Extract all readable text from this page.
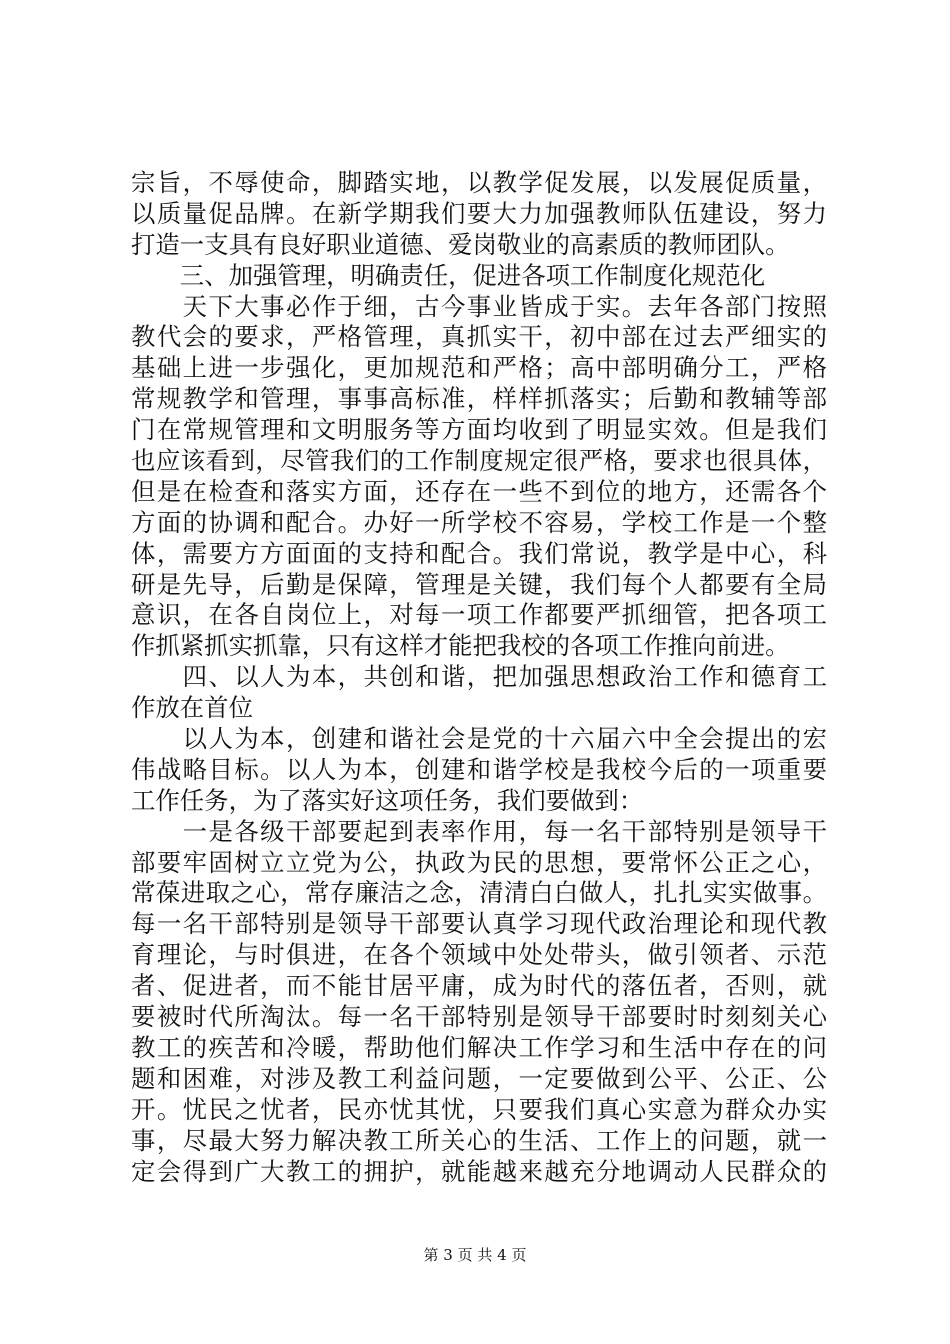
宗旨，不辱使命，脚踏实地，以教学促发展，以发展促质量，
以质量促品牌。在新学期我们要大力加强教师队伍建设，努力
打造一支具有良好职业道德、爱岗敬业的高素质的教师团队。
　　三、加强管理，明确责任，促进各项工作制度化规范化
　　天下大事必作于细，古今事业皆成于实。去年各部门按照
教代会的要求，严格管理，真抓实干，初中部在过去严细实的
基础上进一步强化，更加规范和严格；高中部明确分工，严格
常规教学和管理，事事高标准，样样抓落实；后勤和教辅等部
门在常规管理和文明服务等方面均收到了明显实效。但是我们
也应该看到，尽管我们的工作制度规定很严格，要求也很具体，
但是在检查和落实方面，还存在一些不到位的地方，还需各个
方面的协调和配合。办好一所学校不容易，学校工作是一个整
体，需要方方面面的支持和配合。我们常说，教学是中心，科
研是先导，后勤是保障，管理是关键，我们每个人都要有全局
意识，在各自岗位上，对每一项工作都要严抓细管，把各项工
作抓紧抓实抓靠，只有这样才能把我校的各项工作推向前进。
　　四、以人为本，共创和谐，把加强思想政治工作和德育工
作放在首位
　　以人为本，创建和谐社会是党的十六届六中全会提出的宏
伟战略目标。以人为本，创建和谐学校是我校今后的一项重要
工作任务，为了落实好这项任务，我们要做到：
　　一是各级干部要起到表率作用，每一名干部特别是领导干
部要牢固树立立党为公，执政为民的思想，要常怀公正之心，
常葆进取之心，常存廉洁之念，清清白白做人，扎扎实实做事。
每一名干部特别是领导干部要认真学习现代政治理论和现代教
育理论，与时俱进，在各个领域中处处带头，做引领者、示范
者、促进者，而不能甘居平庸，成为时代的落伍者，否则，就
要被时代所淘汰。每一名干部特别是领导干部要时时刻刻关心
教工的疾苦和冷暖，帮助他们解决工作学习和生活中存在的问
题和困难，对涉及教工利益问题，一定要做到公平、公正、公
开。忧民之忧者，民亦忧其忧，只要我们真心实意为群众办实
事，尽最大努力解决教工所关心的生活、工作上的问题，就一
定会得到广大教工的拥护，就能越来越充分地调动人民群众的
第 3 页 共 4 页
